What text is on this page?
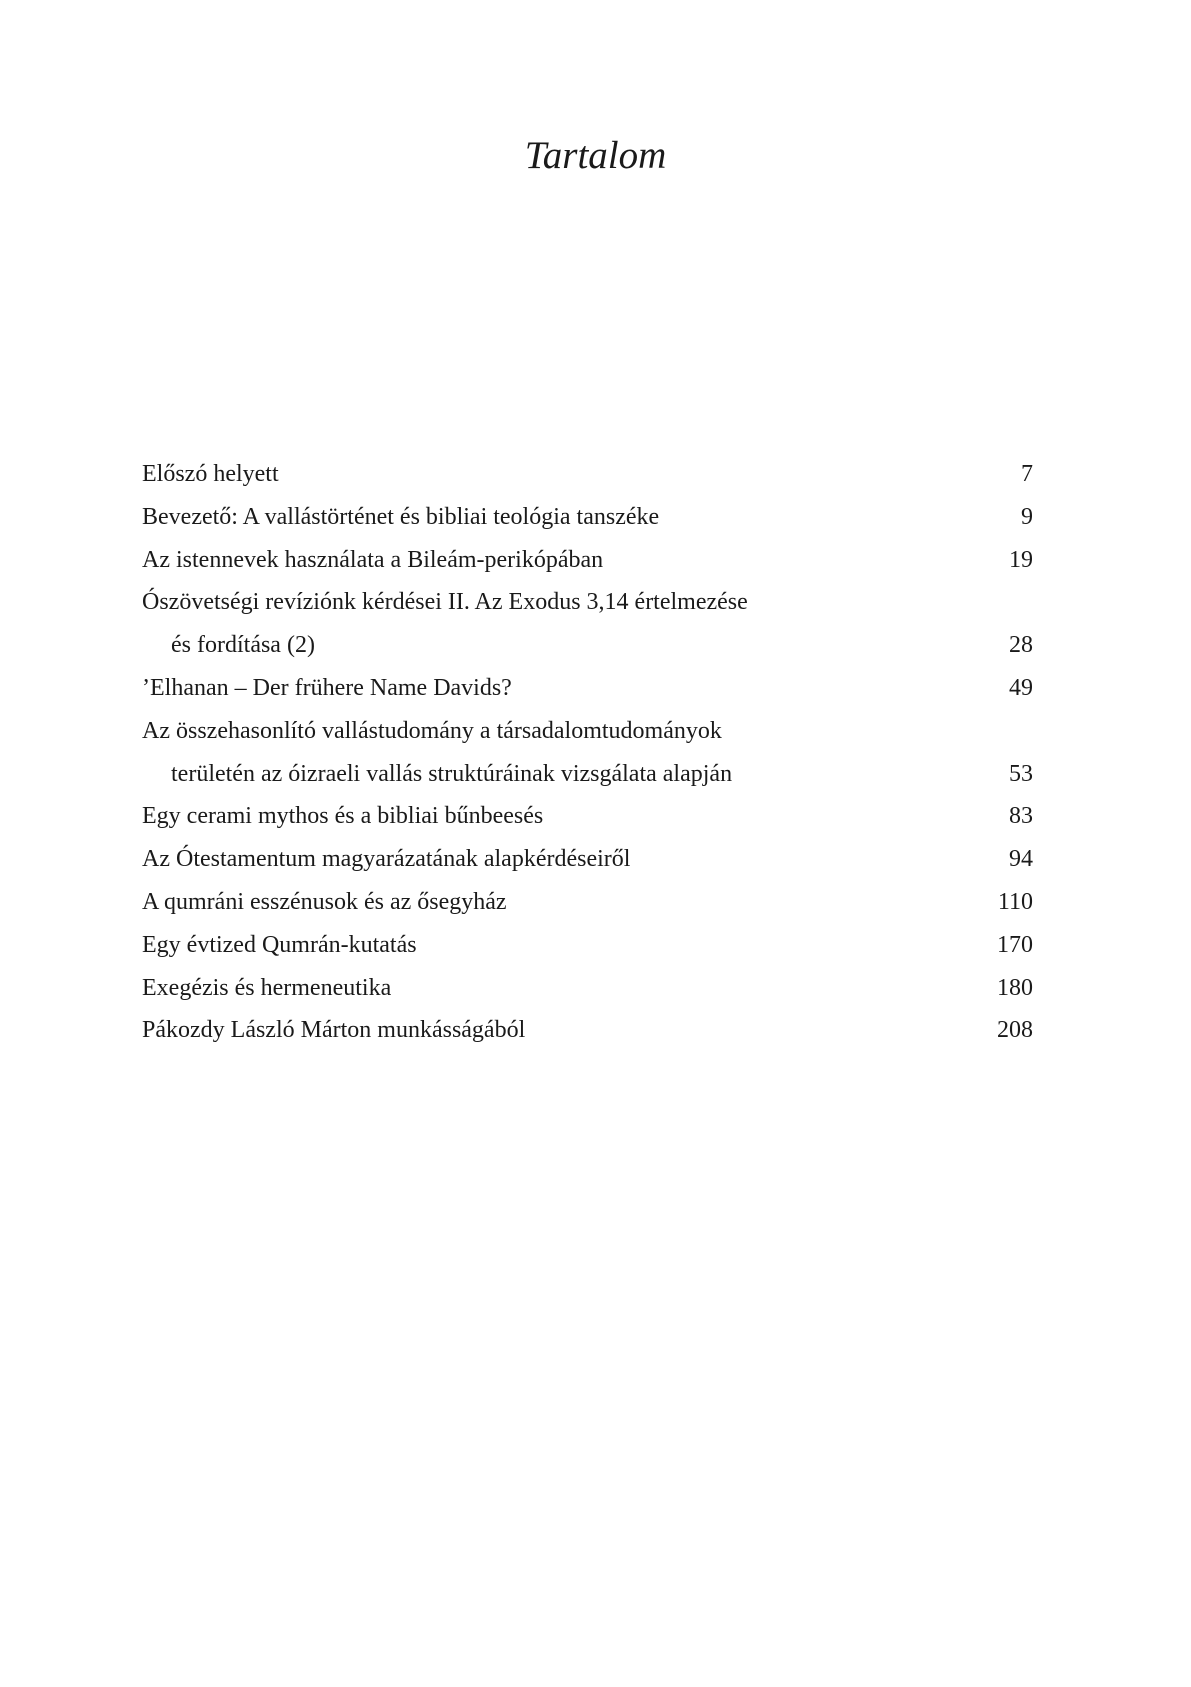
Tartalom
Előszó helyett	7
Bevezető: A vallástörténet és bibliai teológia tanszéke	9
Az istennevek használata a Bileám-perikópában	19
Ószövetségi revíziónk kérdései II. Az Exodus 3,14 értelmezése
és fordítása (2)	28
’Elhanan – Der frühere Name Davids?	49
Az összehasonlító vallástudomány a társadalomtudományok
területén az óizraeli vallás struktúráinak vizsgálata alapján	53
Egy cerami mythos és a bibliai bűnbeesés	83
Az Ótestamentum magyarázatának alapkérdéseiről	94
A qumráni esszénusok és az ősegyház	110
Egy évtized Qumrán-kutatás	170
Exegézis és hermeneutika	180
Pákozdy László Márton munkásságából	208
